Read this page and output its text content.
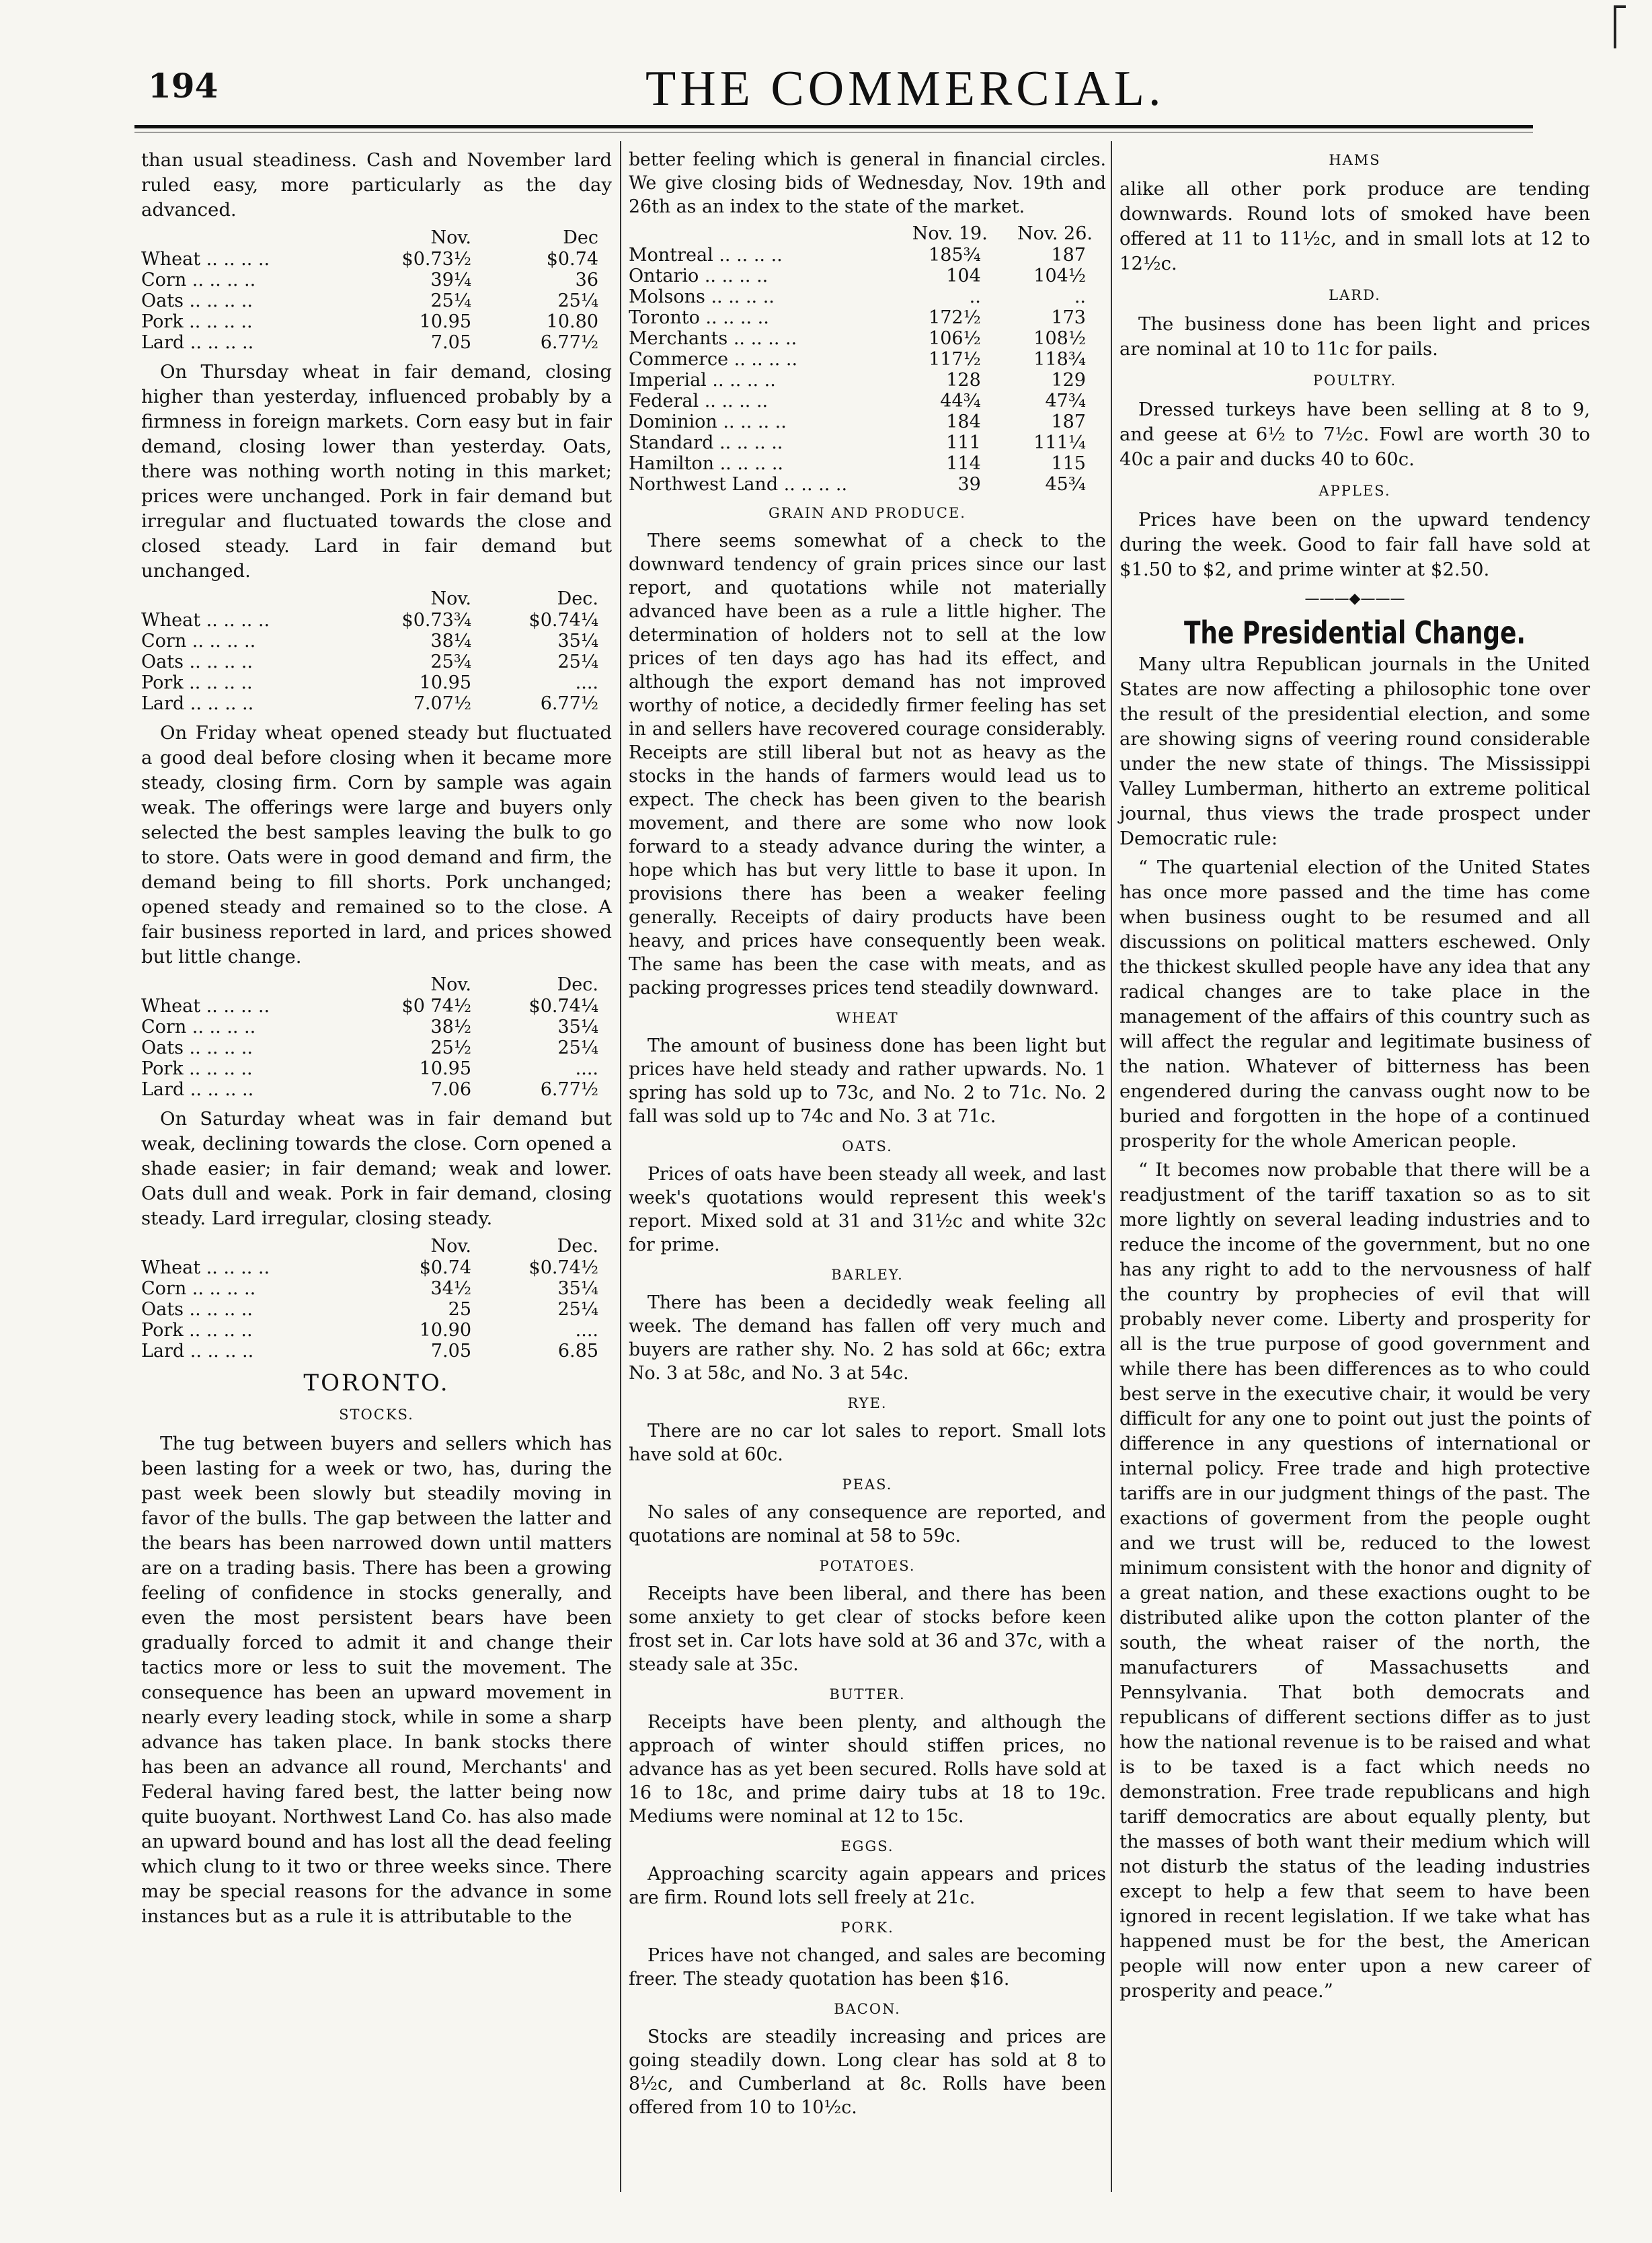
194	THE COMMERCIAL.

than usual steadiness. Cash and November lard ruled easy, more particularly as the day advanced.

	Nov.	Dec
Wheat .. .. .. ..	$0.73½	$0.74
Corn .. .. .. ..	39¼	36
Oats .. .. .. ..	25¼	25¼
Pork .. .. .. ..	10.95	10.80
Lard .. .. .. ..	7.05	6.77½

On Thursday wheat in fair demand, closing higher than yesterday, influenced probably by a firmness in foreign markets. Corn easy but in fair demand, closing lower than yesterday. Oats, there was nothing worth noting in this market; prices were unchanged. Pork in fair demand but irregular and fluctuated towards the close and closed steady. Lard in fair demand but unchanged.

	Nov.	Dec.
Wheat .. .. .. ..	$0.73¾	$0.74¼
Corn .. .. .. ..	38¼	35¼
Oats .. .. .. ..	25¾	25¼
Pork .. .. .. ..	10.95	....
Lard .. .. .. ..	7.07½	6.77½

On Friday wheat opened steady but fluctuated a good deal before closing when it became more steady, closing firm. Corn by sample was again weak. The offerings were large and buyers only selected the best samples leaving the bulk to go to store. Oats were in good demand and firm, the demand being to fill shorts. Pork unchanged; opened steady and remained so to the close. A fair business reported in lard, and prices showed but little change.

	Nov.	Dec.
Wheat .. .. .. ..	$0 74½	$0.74¼
Corn .. .. .. ..	38½	35¼
Oats .. .. .. ..	25½	25¼
Pork .. .. .. ..	10.95	....
Lard .. .. .. ..	7.06	6.77½

On Saturday wheat was in fair demand but weak, declining towards the close. Corn opened a shade easier; in fair demand; weak and lower. Oats dull and weak. Pork in fair demand, closing steady. Lard irregular, closing steady.

	Nov.	Dec.
Wheat .. .. .. ..	$0.74	$0.74½
Corn .. .. .. ..	34½	35¼
Oats .. .. .. ..	25	25¼
Pork .. .. .. ..	10.90	....
Lard .. .. .. ..	7.05	6.85
TORONTO.
STOCKS.

The tug between buyers and sellers which has been lasting for a week or two, has, during the past week been slowly but steadily moving in favor of the bulls. The gap between the latter and the bears has been narrowed down until matters are on a trading basis. There has been a growing feeling of confidence in stocks generally, and even the most persistent bears have been gradually forced to admit it and change their tactics more or less to suit the movement. The consequence has been an upward movement in nearly every leading stock, while in some a sharp advance has taken place. In bank stocks there has been an advance all round, Merchants' and Federal having fared best, the latter being now quite buoyant. Northwest Land Co. has also made an upward bound and has lost all the dead feeling which clung to it two or three weeks since. There may be special reasons for the advance in some instances but as a rule it is attributable to the

better feeling which is general in financial circles. We give closing bids of Wednesday, Nov. 19th and 26th as an index to the state of the market.

	Nov. 19.	Nov. 26.
Montreal .. .. .. ..	185¾	187
Ontario .. .. .. ..	104	104½
Molsons .. .. .. ..	..	..
Toronto .. .. .. ..	172½	173
Merchants .. .. .. ..	106½	108½
Commerce .. .. .. ..	117½	118¾
Imperial .. .. .. ..	128	129
Federal .. .. .. ..	44¾	47¾
Dominion .. .. .. ..	184	187
Standard .. .. .. ..	111	111¼
Hamilton .. .. .. ..	114	115
Northwest Land .. .. .. ..	39	45¾
GRAIN AND PRODUCE.

There seems somewhat of a check to the downward tendency of grain prices since our last report, and quotations while not materially advanced have been as a rule a little higher. The determination of holders not to sell at the low prices of ten days ago has had its effect, and although the export demand has not improved worthy of notice, a decidedly firmer feeling has set in and sellers have recovered courage considerably. Receipts are still liberal but not as heavy as the stocks in the hands of farmers would lead us to expect. The check has been given to the bearish movement, and there are some who now look forward to a steady advance during the winter, a hope which has but very little to base it upon. In provisions there has been a weaker feeling generally. Receipts of dairy products have been heavy, and prices have consequently been weak. The same has been the case with meats, and as packing progresses prices tend steadily downward.

WHEAT

The amount of business done has been light but prices have held steady and rather upwards. No. 1 spring has sold up to 73c, and No. 2 to 71c. No. 2 fall was sold up to 74c and No. 3 at 71c.

OATS.

Prices of oats have been steady all week, and last week's quotations would represent this week's report. Mixed sold at 31 and 31½c and white 32c for prime.

BARLEY.

There has been a decidedly weak feeling all week. The demand has fallen off very much and buyers are rather shy. No. 2 has sold at 66c; extra No. 3 at 58c, and No. 3 at 54c.

RYE.

There are no car lot sales to report. Small lots have sold at 60c.

PEAS.

No sales of any consequence are reported, and quotations are nominal at 58 to 59c.

POTATOES.

Receipts have been liberal, and there has been some anxiety to get clear of stocks before keen frost set in. Car lots have sold at 36 and 37c, with a steady sale at 35c.

BUTTER.

Receipts have been plenty, and although the approach of winter should stiffen prices, no advance has as yet been secured. Rolls have sold at 16 to 18c, and prime dairy tubs at 18 to 19c. Mediums were nominal at 12 to 15c.

EGGS.

Approaching scarcity again appears and prices are firm. Round lots sell freely at 21c.

PORK.

Prices have not changed, and sales are becoming freer. The steady quotation has been $16.

BACON.

Stocks are steadily increasing and prices are going steadily down. Long clear has sold at 8 to 8½c, and Cumberland at 8c. Rolls have been offered from 10 to 10½c.

HAMS

alike all other pork produce are tending downwards. Round lots of smoked have been offered at 11 to 11½c, and in small lots at 12 to 12½c.

LARD.

The business done has been light and prices are nominal at 10 to 11c for pails.

POULTRY.

Dressed turkeys have been selling at 8 to 9, and geese at 6½ to 7½c. Fowl are worth 30 to 40c a pair and ducks 40 to 60c.

APPLES.

Prices have been on the upward tendency during the week. Good to fair fall have sold at $1.50 to $2, and prime winter at $2.50.

———◆———
The Presidential Change.

Many ultra Republican journals in the United States are now affecting a philosophic tone over the result of the presidential election, and some are showing signs of veering round considerable under the new state of things. The Mississippi Valley Lumberman, hitherto an extreme political journal, thus views the trade prospect under Democratic rule:

“ The quartenial election of the United States has once more passed and the time has come when business ought to be resumed and all discussions on political matters eschewed. Only the thickest skulled people have any idea that any radical changes are to take place in the management of the affairs of this country such as will affect the regular and legitimate business of the nation. Whatever of bitterness has been engendered during the canvass ought now to be buried and forgotten in the hope of a continued prosperity for the whole American people.

“ It becomes now probable that there will be a readjustment of the tariff taxation so as to sit more lightly on several leading industries and to reduce the income of the government, but no one has any right to add to the nervousness of half the country by prophecies of evil that will probably never come. Liberty and prosperity for all is the true purpose of good government and while there has been differences as to who could best serve in the executive chair, it would be very difficult for any one to point out just the points of difference in any questions of international or internal policy. Free trade and high protective tariffs are in our judgment things of the past. The exactions of goverment from the people ought and we trust will be, reduced to the lowest minimum consistent with the honor and dignity of a great nation, and these exactions ought to be distributed alike upon the cotton planter of the south, the wheat raiser of the north, the manufacturers of Massachusetts and Pennsylvania. That both democrats and republicans of different sections differ as to just how the national revenue is to be raised and what is to be taxed is a fact which needs no demonstration. Free trade republicans and high tariff democratics are about equally plenty, but the masses of both want their medium which will not disturb the status of the leading industries except to help a few that seem to have been ignored in recent legislation. If we take what has happened must be for the best, the American people will now enter upon a new career of prosperity and peace.”
